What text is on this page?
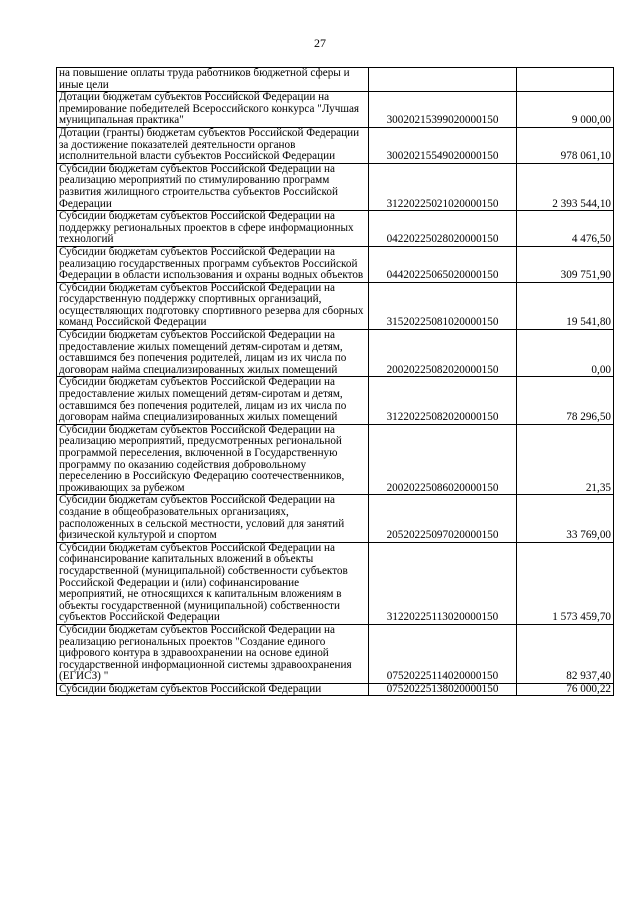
27
на повышение оплаты труда работников бюджетной сферы и иные цели		
Дотации бюджетам субъектов Российской Федерации на премирование победителей Всероссийского конкурса "Лучшая муниципальная практика"	30020215399020000150	9 000,00
Дотации (гранты) бюджетам субъектов Российской Федерации за достижение показателей деятельности органов исполнительной власти субъектов Российской Федерации	30020215549020000150	978 061,10
Субсидии бюджетам субъектов Российской Федерации на реализацию мероприятий по стимулированию программ развития жилищного строительства субъектов Российской Федерации	31220225021020000150	2 393 544,10
Субсидии бюджетам субъектов Российской Федерации на поддержку региональных проектов в сфере информационных технологий	04220225028020000150	4 476,50
Субсидии бюджетам субъектов Российской Федерации на реализацию государственных программ субъектов Российской Федерации в области использования и охраны водных объектов	04420225065020000150	309 751,90
Субсидии бюджетам субъектов Российской Федерации на государственную поддержку спортивных организаций, осуществляющих подготовку спортивного резерва для сборных команд Российской Федерации	31520225081020000150	19 541,80
Субсидии бюджетам субъектов Российской Федерации на предоставление жилых помещений детям-сиротам и детям, оставшимся без попечения родителей, лицам из их числа по договорам найма специализированных жилых помещений	20020225082020000150	0,00
Субсидии бюджетам субъектов Российской Федерации на предоставление жилых помещений детям-сиротам и детям, оставшимся без попечения родителей, лицам из их числа по договорам найма специализированных жилых помещений	31220225082020000150	78 296,50
Субсидии бюджетам субъектов Российской Федерации на реализацию мероприятий, предусмотренных региональной программой переселения, включенной в Государственную программу по оказанию содействия добровольному переселению в Российскую Федерацию соотечественников, проживающих за рубежом	20020225086020000150	21,35
Субсидии бюджетам субъектов Российской Федерации на создание в общеобразовательных организациях, расположенных в сельской местности, условий для занятий физической культурой и спортом	20520225097020000150	33 769,00
Субсидии бюджетам субъектов Российской Федерации на софинансирование капитальных вложений в объекты государственной (муниципальной) собственности субъектов Российской Федерации и (или) софинансирование мероприятий, не относящихся к капитальным вложениям в объекты государственной (муниципальной) собственности субъектов Российской Федерации	31220225113020000150	1 573 459,70
Субсидии бюджетам субъектов Российской Федерации на реализацию региональных проектов "Создание единого цифрового контура в здравоохранении на основе единой государственной информационной системы здравоохранения (ЕГИСЗ) "	07520225114020000150	82 937,40
Субсидии бюджетам субъектов Российской Федерации	07520225138020000150	76 000,22
